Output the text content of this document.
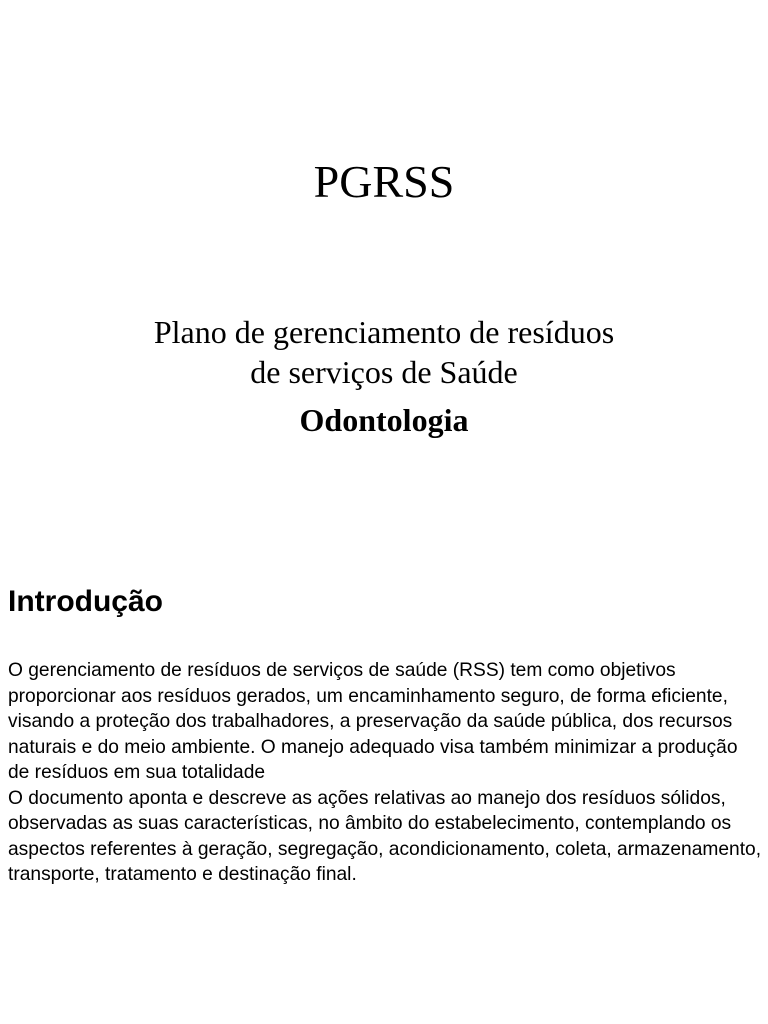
PGRSS
Plano de gerenciamento de resíduos
de serviços de Saúde
Odontologia
Introdução

O gerenciamento de resíduos de serviços de saúde (RSS) tem como objetivos proporcionar aos resíduos gerados, um encaminhamento seguro, de forma eficiente, visando a proteção dos trabalhadores, a preservação da saúde pública, dos recursos naturais e do meio ambiente. O manejo adequado visa também minimizar a produção de resíduos em sua totalidade

O documento aponta e descreve as ações relativas ao manejo dos resíduos sólidos, observadas as suas características, no âmbito do estabelecimento, contemplando os aspectos referentes à geração, segregação, acondicionamento, coleta, armazenamento, transporte, tratamento e destinação final.
